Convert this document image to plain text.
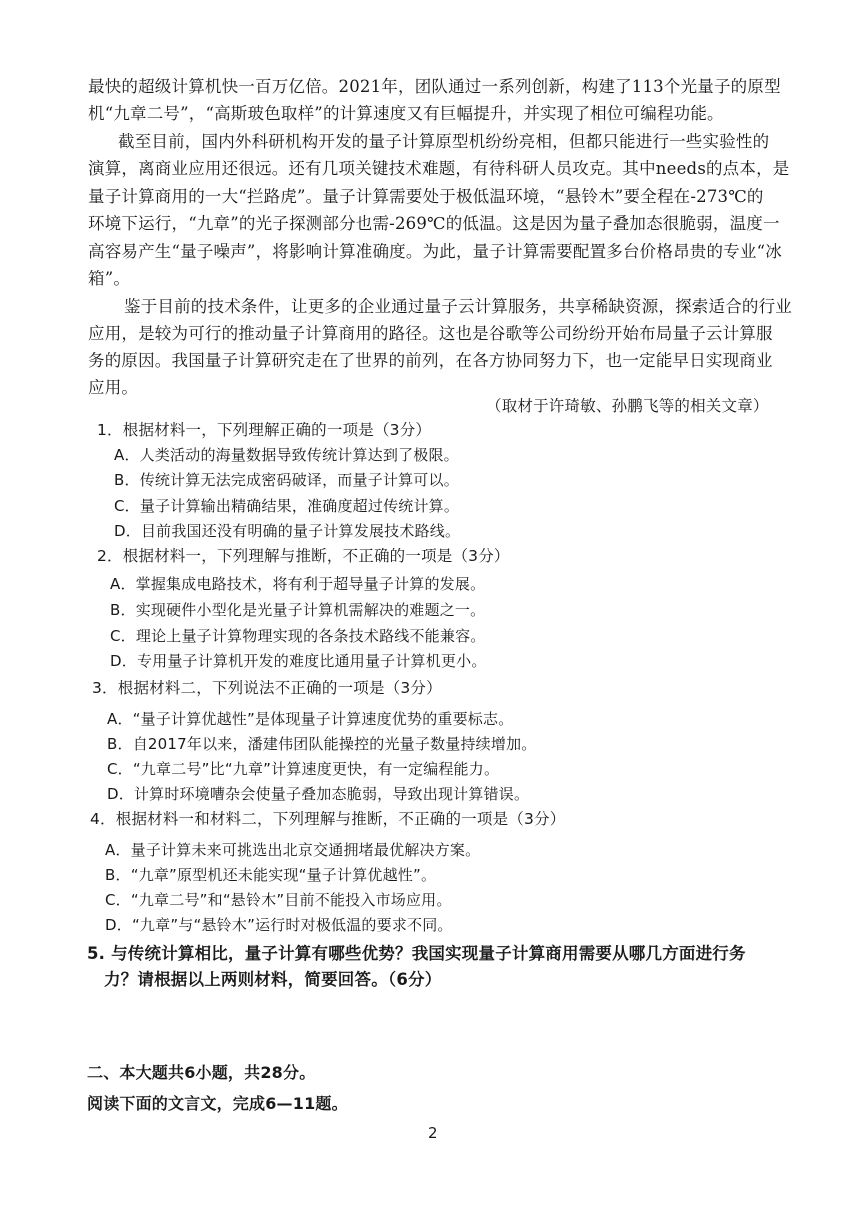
最快的超级计算机快一百万亿倍。2021年，团队通过一系列创新，构建了113个光量子的原型
机“九章二号”，“高斯玻色取样”的计算速度又有巨幅提升，并实现了相位可编程功能。
截至目前，国内外科研机构开发的量子计算原型机纷纷亮相，但都只能进行一些实验性的
演算，离商业应用还很远。还有几项关键技术难题，有待科研人员攻克。其中needs的点本，是
量子计算商用的一大“拦路虎”。量子计算需要处于极低温环境，“悬铃木”要全程在-273℃的
环境下运行，“九章”的光子探测部分也需-269℃的低温。这是因为量子叠加态很脆弱，温度一
高容易产生“量子噪声”，将影响计算准确度。为此，量子计算需要配置多台价格昂贵的专业“冰
箱”。
鉴于目前的技术条件，让更多的企业通过量子云计算服务，共享稀缺资源，探索适合的行业
应用，是较为可行的推动量子计算商用的路径。这也是谷歌等公司纷纷开始布局量子云计算服
务的原因。我国量子计算研究走在了世界的前列，在各方协同努力下，也一定能早日实现商业
应用。
（取材于许琦敏、孙鹏飞等的相关文章）
1．根据材料一，下列理解正确的一项是（3分）
A．人类活动的海量数据导致传统计算达到了极限。
B．传统计算无法完成密码破译，而量子计算可以。
C．量子计算输出精确结果，准确度超过传统计算。
D．目前我国还没有明确的量子计算发展技术路线。
2．根据材料一，下列理解与推断，不正确的一项是（3分）
A．掌握集成电路技术，将有利于超导量子计算的发展。
B．实现硬件小型化是光量子计算机需解决的难题之一。
C．理论上量子计算物理实现的各条技术路线不能兼容。
D．专用量子计算机开发的难度比通用量子计算机更小。
3．根据材料二，下列说法不正确的一项是（3分）
A．“量子计算优越性”是体现量子计算速度优势的重要标志。
B．自2017年以来，潘建伟团队能操控的光量子数量持续增加。
C．“九章二号”比“九章”计算速度更快，有一定编程能力。
D．计算时环境嘈杂会使量子叠加态脆弱，导致出现计算错误。
4．根据材料一和材料二，下列理解与推断，不正确的一项是（3分）
A．量子计算未来可挑选出北京交通拥堵最优解决方案。
B．“九章”原型机还未能实现“量子计算优越性”。
C．“九章二号”和“悬铃木”目前不能投入市场应用。
D．“九章”与“悬铃木”运行时对极低温的要求不同。
5. 与传统计算相比，量子计算有哪些优势？我国实现量子计算商用需要从哪几方面进行务
力？请根据以上两则材料，简要回答。（6分）
二、本大题共6小题，共28分。
阅读下面的文言文，完成6—11题。
2
